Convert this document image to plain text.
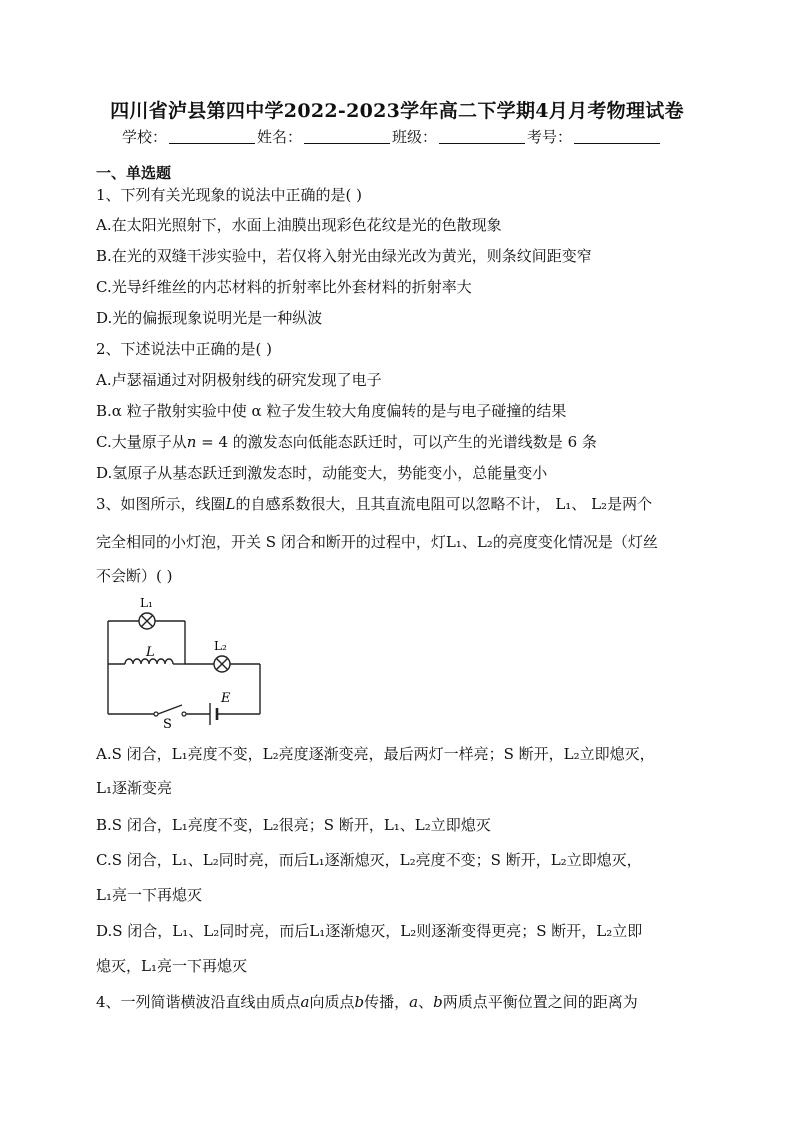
四川省泸县第四中学2022-2023学年高二下学期4月月考物理试卷
学校：	姓名：	班级：	考号：
一、单选题
1、下列有关光现象的说法中正确的是( )
A.在太阳光照射下，水面上油膜出现彩色花纹是光的色散现象
B.在光的双缝干涉实验中，若仅将入射光由绿光改为黄光，则条纹间距变窄
C.光导纤维丝的内芯材料的折射率比外套材料的折射率大
D.光的偏振现象说明光是一种纵波
2、下述说法中正确的是( )
A.卢瑟福通过对阴极射线的研究发现了电子
B.α 粒子散射实验中使 α 粒子发生较大角度偏转的是与电子碰撞的结果
C.大量原子从n = 4 的激发态向低能态跃迁时，可以产生的光谱线数是 6 条
D.氢原子从基态跃迁到激发态时，动能变大，势能变小，总能量变小
3、如图所示，线圈L的自感系数很大，且其直流电阻可以忽略不计， L₁、 L₂是两个
完全相同的小灯泡，开关 S 闭合和断开的过程中，灯L₁、L₂的亮度变化情况是（灯丝
不会断）( )
L₁
L₂
L
E
S
A.S 闭合，L₁亮度不变，L₂亮度逐渐变亮，最后两灯一样亮；S 断开，L₂立即熄灭，
L₁逐渐变亮
B.S 闭合，L₁亮度不变，L₂很亮；S 断开，L₁、L₂立即熄灭
C.S 闭合，L₁、L₂同时亮，而后L₁逐渐熄灭，L₂亮度不变；S 断开，L₂立即熄灭，
L₁亮一下再熄灭
D.S 闭合，L₁、L₂同时亮，而后L₁逐渐熄灭，L₂则逐渐变得更亮；S 断开，L₂立即
熄灭，L₁亮一下再熄灭
4、一列简谐横波沿直线由质点a向质点b传播，a、b两质点平衡位置之间的距离为
